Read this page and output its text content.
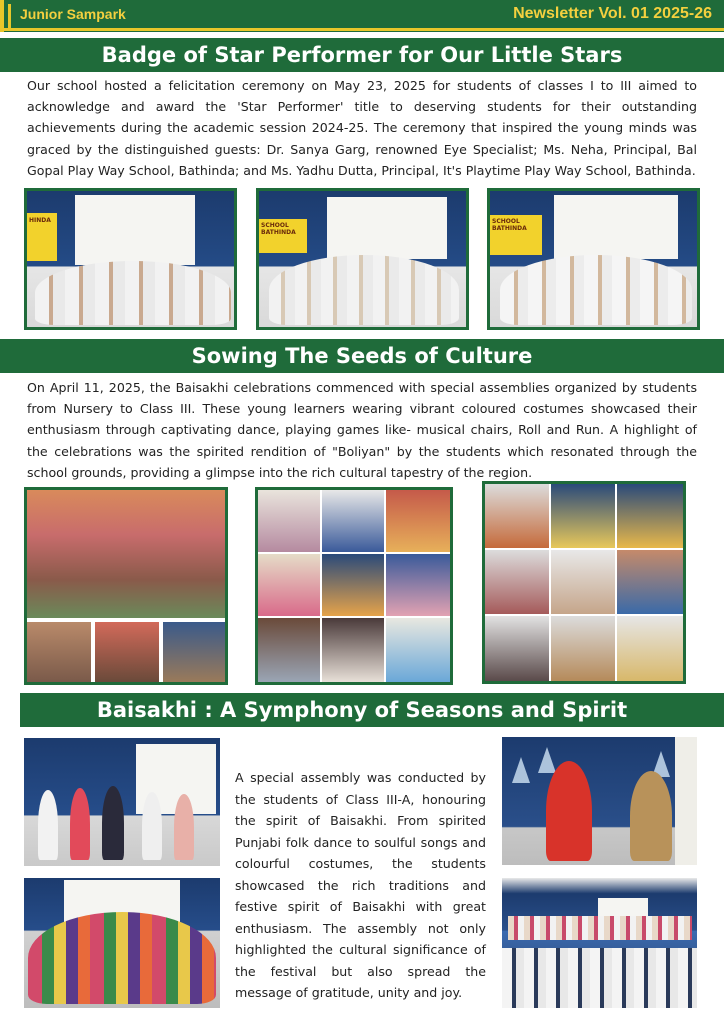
Junior Sampark	Newsletter Vol. 01 2025-26
Badge of Star Performer for Our Little Stars
Our school hosted a felicitation ceremony on May 23, 2025 for students of classes I to III aimed to acknowledge and award the 'Star Performer' title to deserving students for their outstanding achievements during the academic session 2024-25. The ceremony that inspired the young minds was graced by the distinguished guests: Dr. Sanya Garg, renowned Eye Specialist; Ms. Neha, Principal, Bal Gopal Play Way School, Bathinda; and Ms. Yadhu Dutta, Principal, It's Playtime Play Way School, Bathinda.
HINDA
SCHOOL BATHINDA
SCHOOL BATHINDA
Sowing The Seeds of Culture
On April 11, 2025, the Baisakhi celebrations commenced with special assemblies organized by students from Nursery to Class III. These young learners wearing vibrant coloured costumes showcased their enthusiasm through captivating dance, playing games like- musical chairs, Roll and Run. A highlight of the celebrations was the spirited rendition of "Boliyan" by the students which resonated through the school grounds, providing a glimpse into the rich cultural tapestry of the region.
Baisakhi : A Symphony of Seasons and Spirit
A special assembly was conducted by the students of Class III-A, honouring the spirit of Baisakhi. From spirited Punjabi folk dance to soulful songs and colourful costumes, the students showcased the rich traditions and festive spirit of Baisakhi with great enthusiasm. The assembly not only highlighted the cultural significance of the festival but also spread the message of gratitude, unity and joy.
